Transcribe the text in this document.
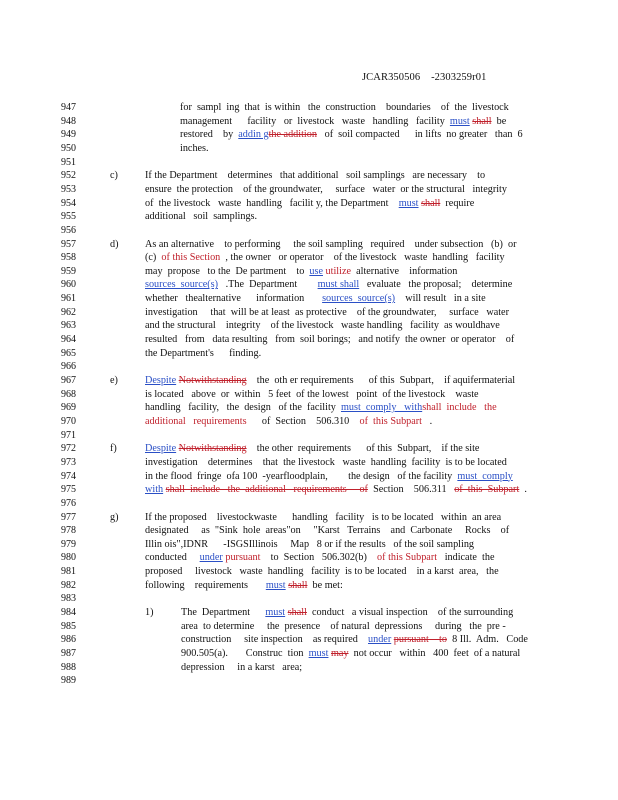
JCAR350506    -2303259r01
947	for  sampl  ing  that  is within   the  construction    boundaries    of  the  livestock
948	management      facility   or  livestock   waste   handling   facility  must shall  be
949	restored    by  addin gthe addition   of  soil compacted      in lifts  no greater   than  6
950	inches.
951
952	c)	If the Department    determines   that additional   soil samplings   are necessary    to
953	ensure  the protection    of the groundwater,     surface   water  or the structural   integrity
954	of  the livestock   waste  handling   facilit y, the Department    must shall  require
955	additional   soil  samplings.
956
957	d)	As an alternative    to performing     the soil sampling   required    under subsection   (b)  or
958	(c)  of this Section  , the owner   or operator    of the livestock   waste  handling   facility
959	may  propose   to the  De partment    to  use utilize  alternative    information
960	sources  source(s)   .The  Department        must shall   evaluate   the proposal;    determine
961	whether   thealternative      information       sources  source(s)    will result   in a site
962	investigation     that  will be at least  as protective    of the groundwater,     surface   water
963	and the structural    integrity    of the livestock   waste handling   facility  as wouldhave
964	resulted   from   data resulting   from  soil borings;   and notify  the owner  or operator    of
965	the Department's      finding.
966
967	e)	Despite Notwithstanding    the  oth er requirements      of this  Subpart,    if aquifermaterial
968	is located   above  or  within   5 feet  of the lowest   point  of the livestock    waste
969	handling   facility,   the  design   of the  facility  must  comply   withshall  include   the
970	additional   requirements      of  Section    506.310    of  this Subpart   .
971
972	f)	Despite Notwithstanding    the other  requirements      of this  Subpart,    if the site
973	investigation    determines    that  the livestock   waste  handling  facility  is to be located
974	in the flood  fringe  ofa 100  -yearfloodplain,        the design   of the facility  must  comply
975	with shall  include   the  additional   requirements     of  Section    506.311   of  this  Subpart  .
976
977	g)	If the proposed    livestockwaste      handling   facility   is to be located   within  an area
978	designated     as  "Sink  hole  areas"on     "Karst   Terrains    and  Carbonate     Rocks    of
979	Illin ois",IDNR      -ISGSIllinois     Map   8 or if the results   of the soil sampling
980	conducted     under pursuant    to  Section   506.302(b)    of this Subpart   indicate  the
981	proposed     livestock   waste  handling   facility  is to be located    in a karst  area,   the
982	following    requirements       must shall  be met:
983
984	1)	The  Department      must shall  conduct   a visual inspection    of the surrounding
985	area  to determine     the  presence    of natural  depressions     during   the  pre -
986	construction     site inspection    as required    under pursuant    to  8 Ill.  Adm.   Code
987	900.505(a).       Construc  tion  must may  not occur   within   400  feet  of a natural
988	depression     in a karst   area;
989
